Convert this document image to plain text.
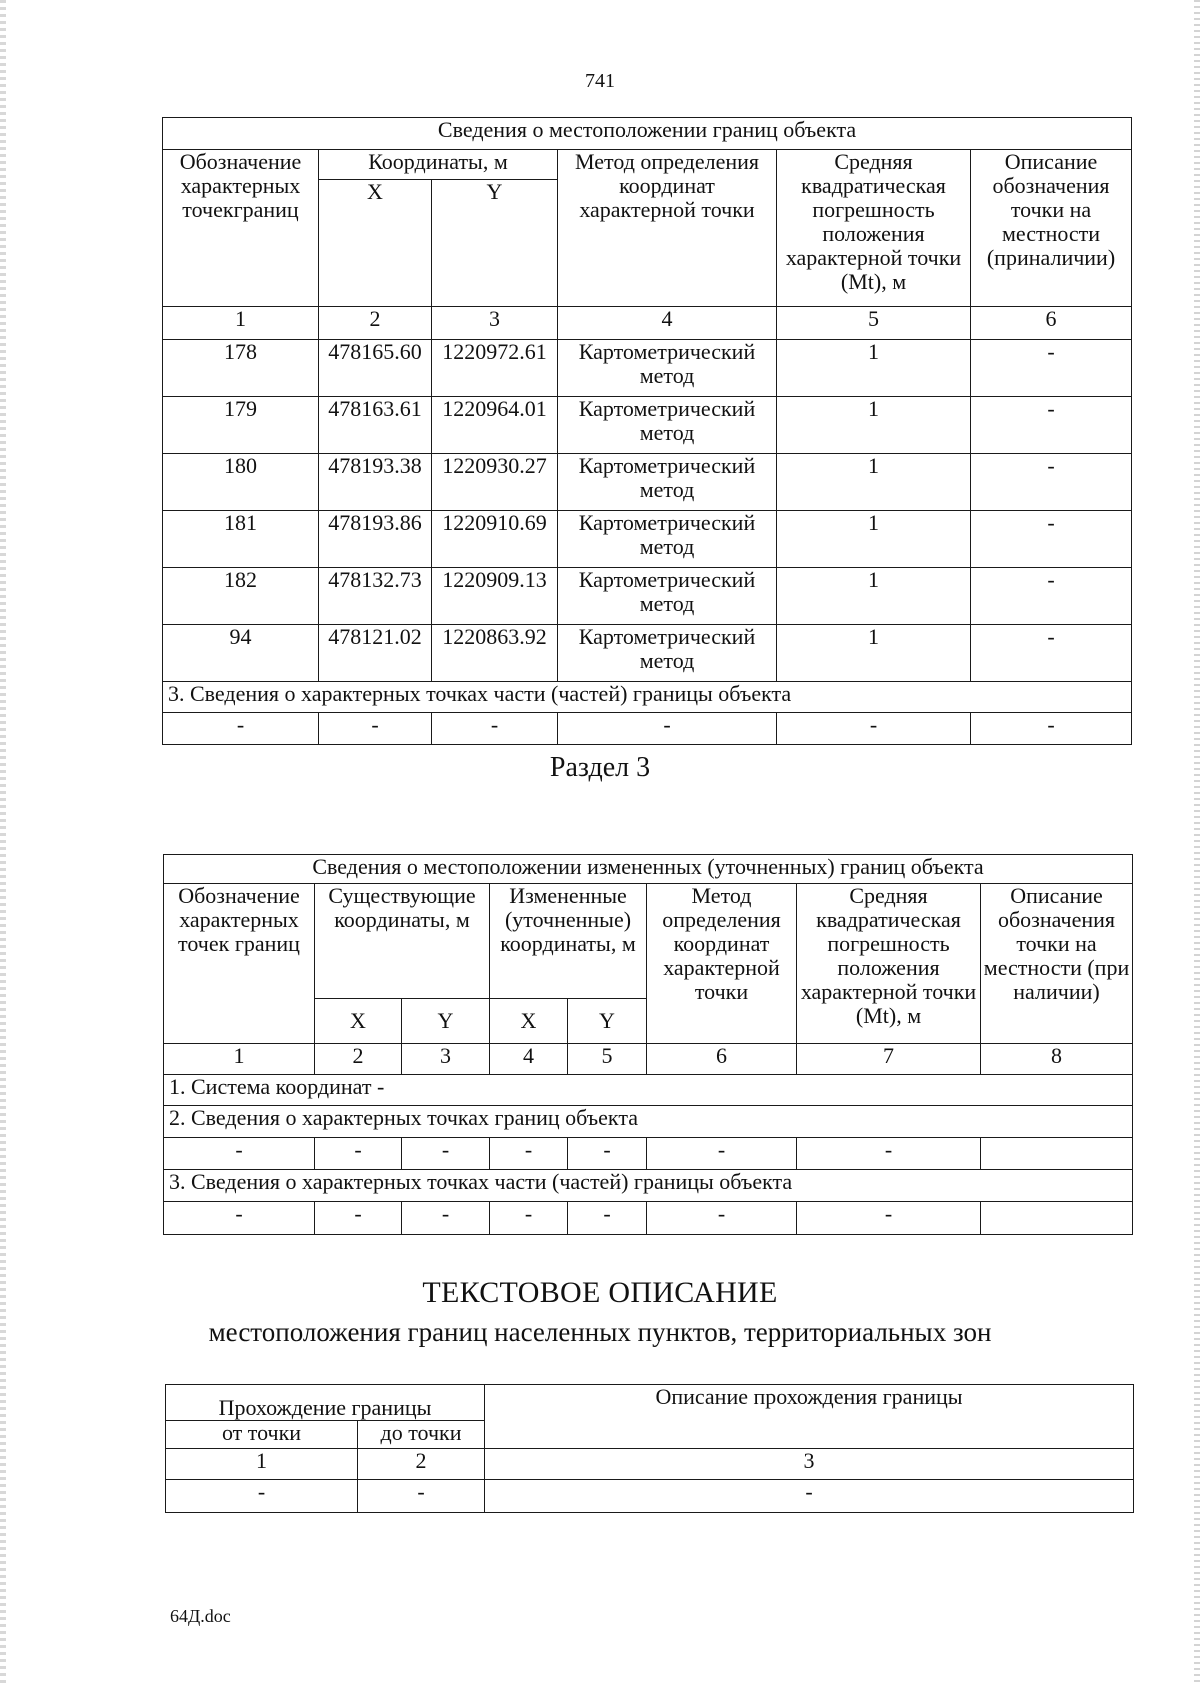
741
Сведения о местоположении границ объекта					
Обозначение характерных точекграниц	Координаты, м		Метод определения координат характерной точки	Средняя квадратическая погрешность положения характерной точки (Mt), м	Описание обозначения точки на местности (приналичии)
	X	Y			
1	2	3	4	5	6
178	478165.60	1220972.61	Картометрический метод	1	-
179	478163.61	1220964.01	Картометрический метод	1	-
180	478193.38	1220930.27	Картометрический метод	1	-
181	478193.86	1220910.69	Картометрический метод	1	-
182	478132.73	1220909.13	Картометрический метод	1	-
94	478121.02	1220863.92	Картометрический метод	1	-
3. Сведения о характерных точках части (частей) границы объекта					
-	-	-	-	-	-
Раздел 3
Сведения о местоположении измененных (уточненных) границ объекта							
Обозначение характерных точек границ	Существующие координаты, м		Измененные (уточненные) координаты, м		Метод определения координат характерной точки	Средняя квадратическая погрешность положения характерной точки (Mt), м	Описание обозначения точки на местности (при наличии)
	X	Y	X	Y			
1	2	3	4	5	6	7	8
1. Система координат -							
2. Сведения о характерных точках границ объекта							
-	-	-	-	-	-	-	
3. Сведения о характерных точках части (частей) границы объекта							
-	-	-	-	-	-	-	
ТЕКСТОВОЕ ОПИСАНИЕ
местоположения границ населенных пунктов, территориальных зон
Прохождение границы		Описание прохождения границы
от точки	до точки	
1	2	3
-	-	-
64Д.doc
